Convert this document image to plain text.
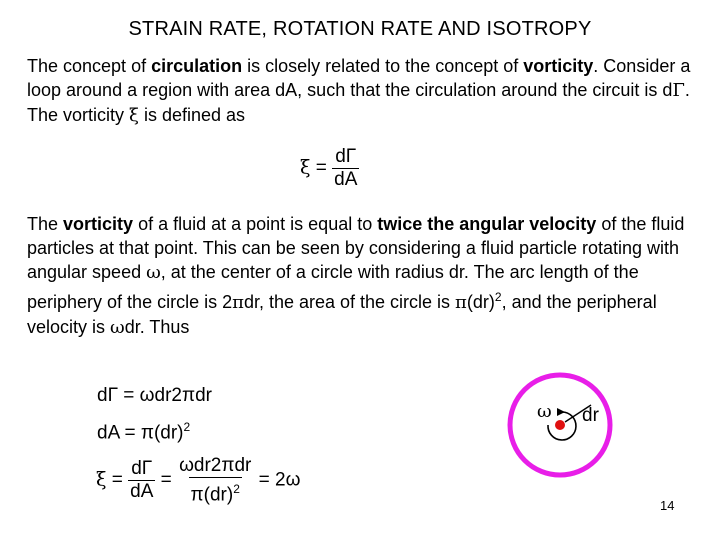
STRAIN RATE, ROTATION RATE AND ISOTROPY

The concept of circulation is closely related to the concept of vorticity. Consider a loop around a region with area dA, such that the circulation around the circuit is dΓ. The vorticity ξ is defined as

$\xi = \frac{d\Gamma}{dA}$

The vorticity of a fluid at a point is equal to twice the angular velocity of the fluid particles at that point. This can be seen by considering a fluid particle rotating with angular speed ω, at the center of a circle with radius dr. The arc length of the periphery of the circle is 2πdr, the area of the circle is π(dr)$^2$, and the peripheral velocity is ωdr. Thus

dΓ = ωdr2πdr
dA = π(dr)$^2$
$\xi = \frac{d\Gamma}{dA} = \frac{\text{ωdr2πdr}}{\pi(dr)^2} = 2\omega$
ω dr
14
